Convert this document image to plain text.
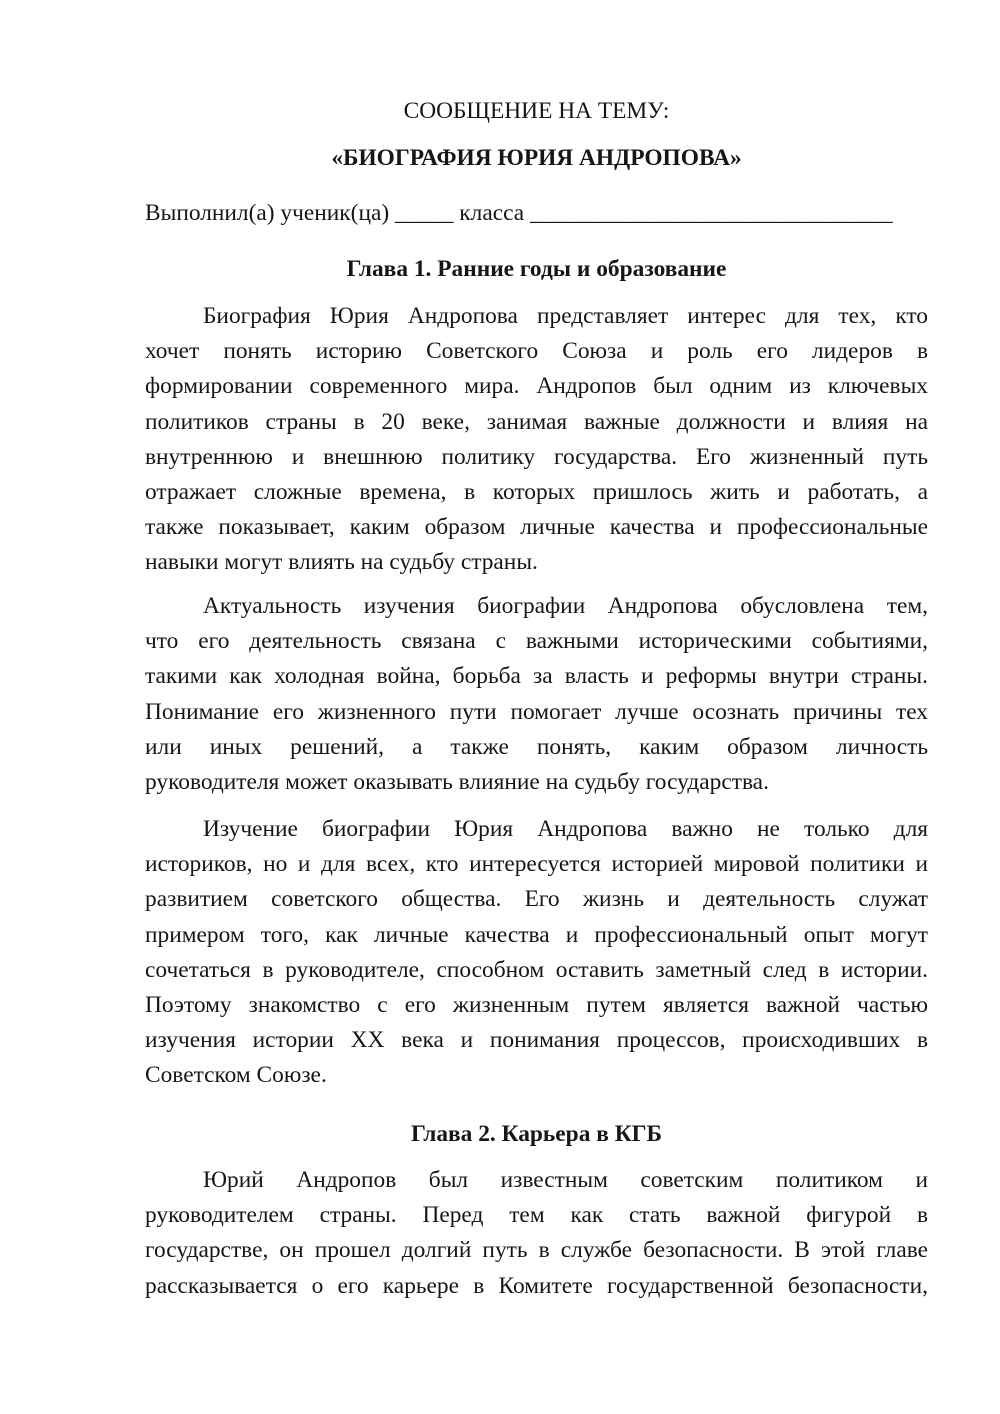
СООБЩЕНИЕ НА ТЕМУ:
«БИОГРАФИЯ ЮРИЯ АНДРОПОВА»
Выполнил(а) ученик(ца) _____ класса _______________________________
Глава 1. Ранние годы и образование
Биография Юрия Андропова представляет интерес для тех, кто
хочет понять историю Советского Союза и роль его лидеров в
формировании современного мира. Андропов был одним из ключевых
политиков страны в 20 веке, занимая важные должности и влияя на
внутреннюю и внешнюю политику государства. Его жизненный путь
отражает сложные времена, в которых пришлось жить и работать, а
также показывает, каким образом личные качества и профессиональные
навыки могут влиять на судьбу страны.
Актуальность изучения биографии Андропова обусловлена тем,
что его деятельность связана с важными историческими событиями,
такими как холодная война, борьба за власть и реформы внутри страны.
Понимание его жизненного пути помогает лучше осознать причины тех
или иных решений, а также понять, каким образом личность
руководителя может оказывать влияние на судьбу государства.
Изучение биографии Юрия Андропова важно не только для
историков, но и для всех, кто интересуется историей мировой политики и
развитием советского общества. Его жизнь и деятельность служат
примером того, как личные качества и профессиональный опыт могут
сочетаться в руководителе, способном оставить заметный след в истории.
Поэтому знакомство с его жизненным путем является важной частью
изучения истории XX века и понимания процессов, происходивших в
Советском Союзе.
Глава 2. Карьера в КГБ
Юрий Андропов был известным советским политиком и
руководителем страны. Перед тем как стать важной фигурой в
государстве, он прошел долгий путь в службе безопасности. В этой главе
рассказывается о его карьере в Комитете государственной безопасности,
